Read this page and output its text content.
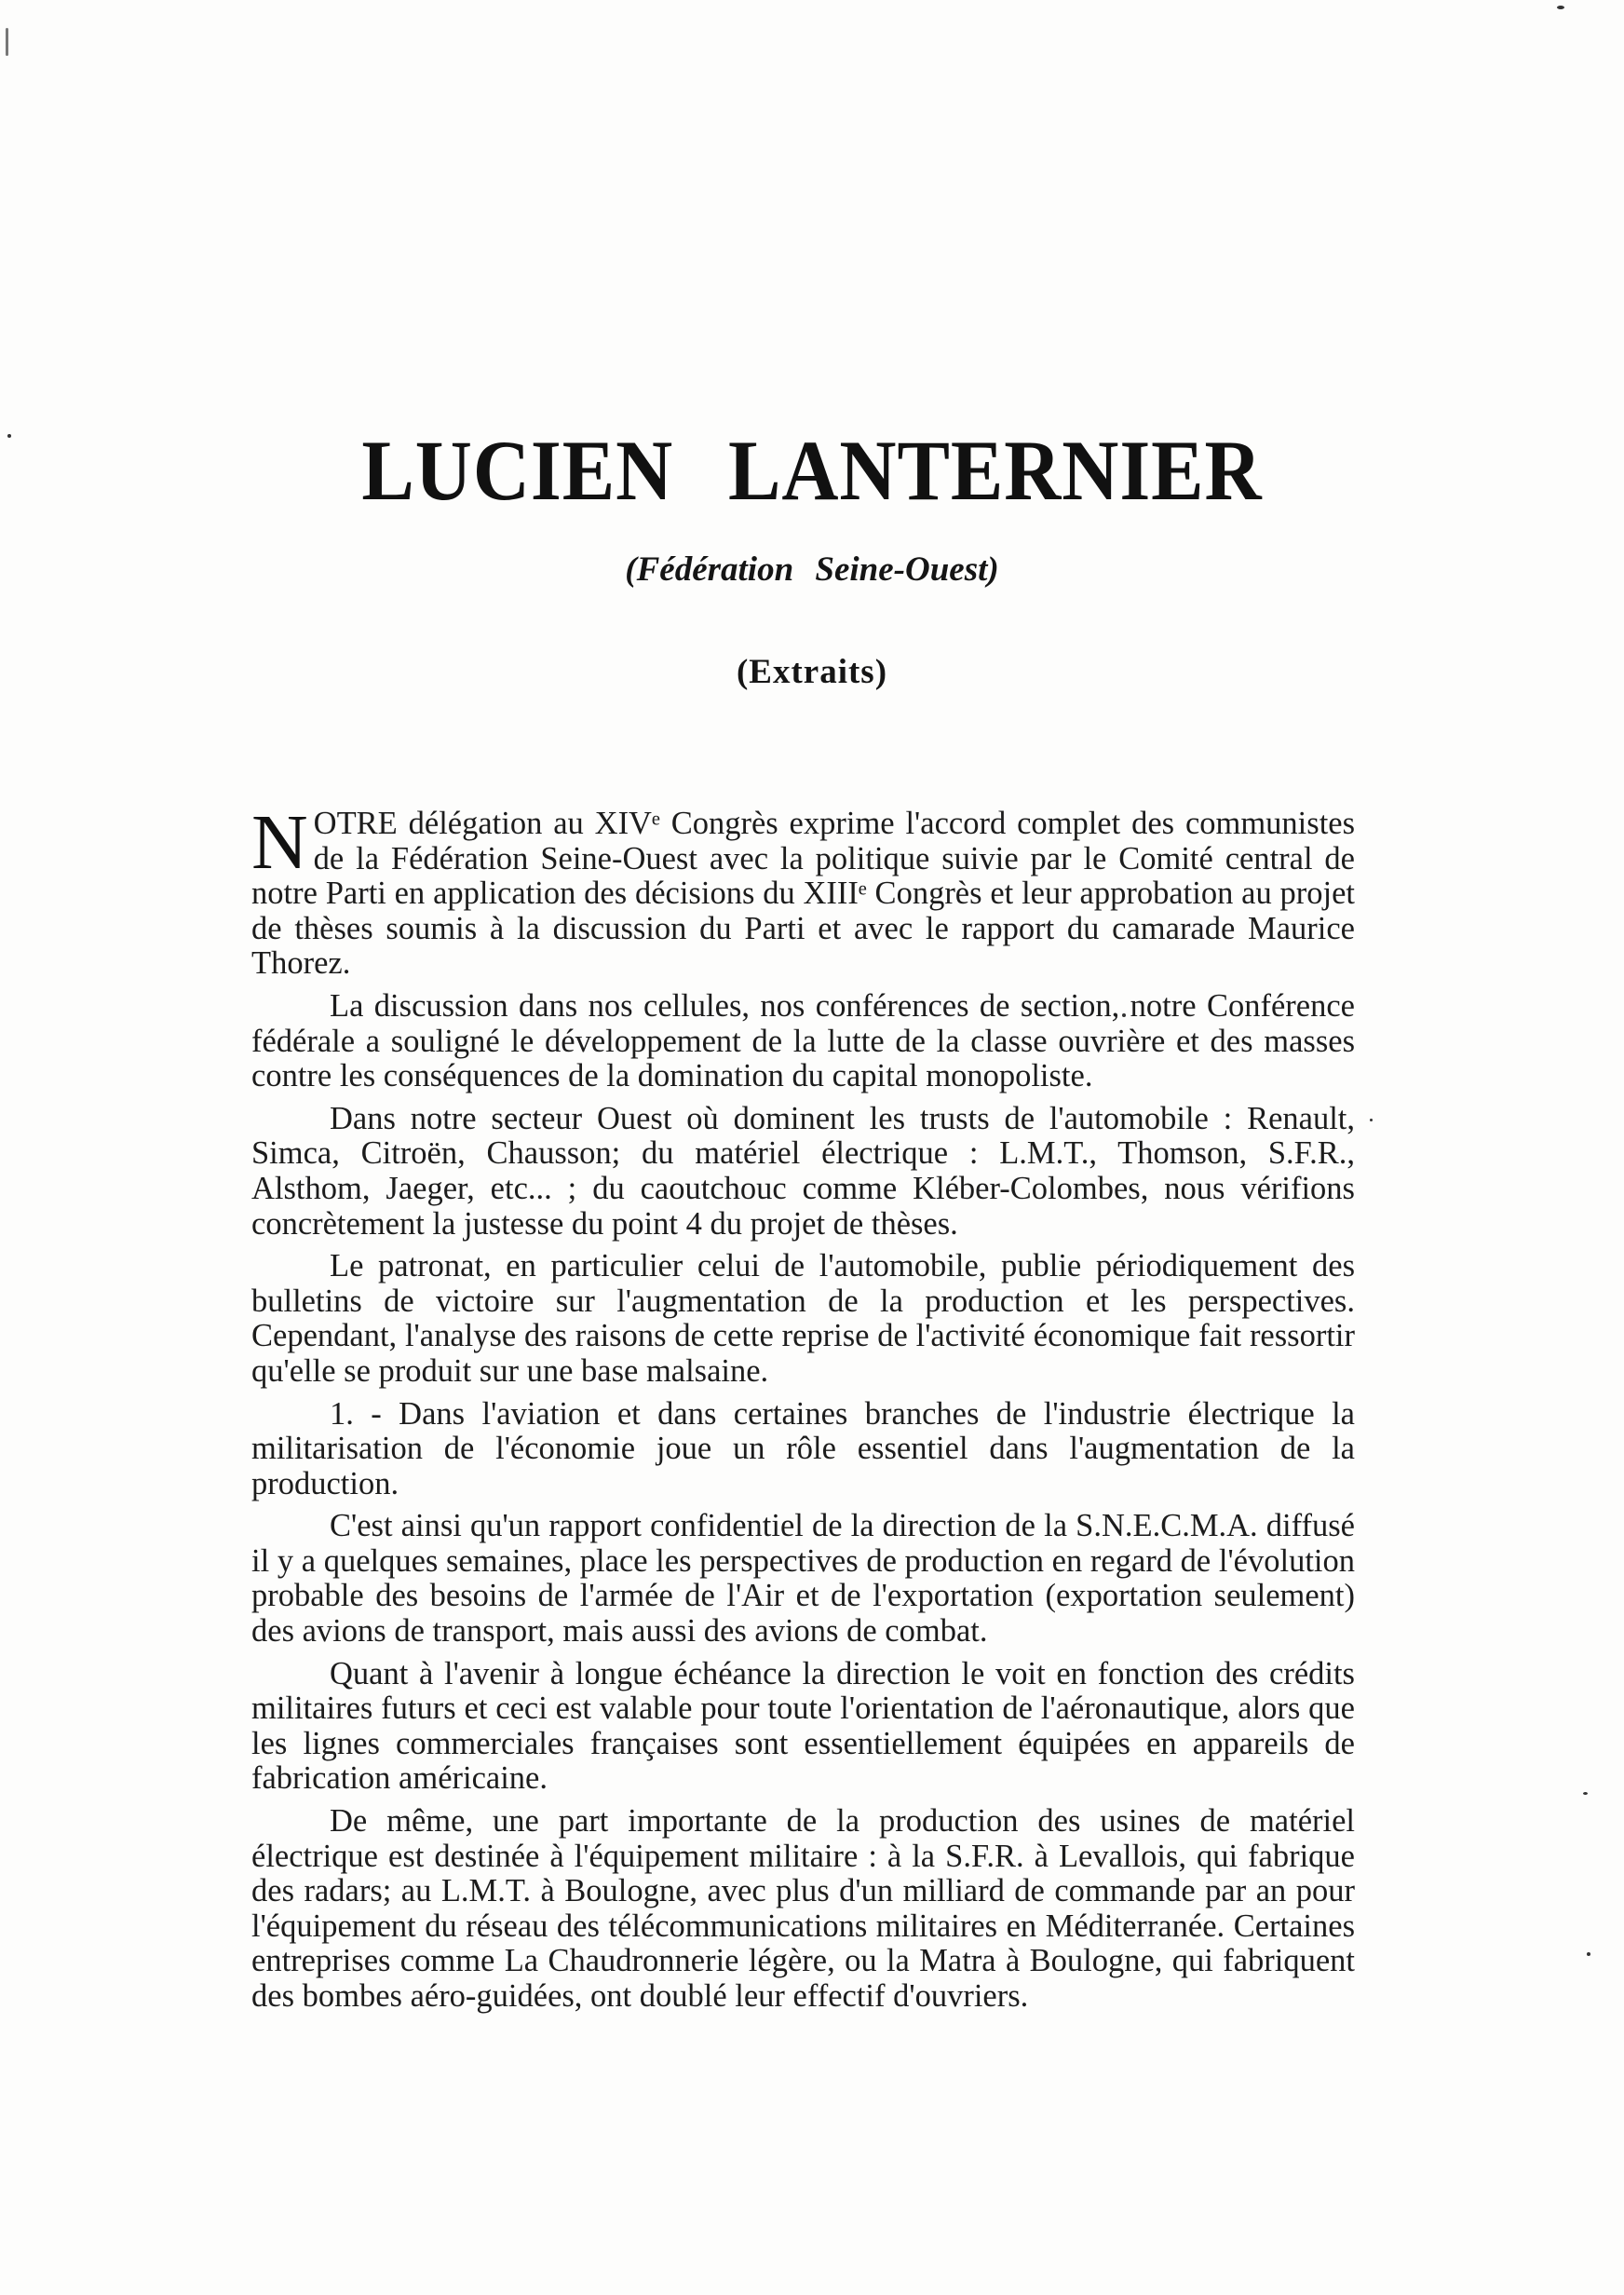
LUCIEN LANTERNIER
(Fédération Seine-Ouest)
(Extraits)

NOTRE délégation au XIVᵉ Congrès exprime l'accord complet des communistes de la Fédération Seine-Ouest avec la politique suivie par le Comité central de notre Parti en application des décisions du XIIIᵉ Congrès et leur approbation au projet de thèses soumis à la discussion du Parti et avec le rapport du camarade Maurice Thorez.

La discussion dans nos cellules, nos conférences de section, notre Conférence fédérale a souligné le développement de la lutte de la classe ouvrière et des masses contre les conséquences de la domination du capital monopoliste.

Dans notre secteur Ouest où dominent les trusts de l'automobile : Renault, Simca, Citroën, Chausson; du matériel électrique : L.M.T., Thomson, S.F.R., Alsthom, Jaeger, etc... ; du caoutchouc comme Kléber-Colombes, nous vérifions concrètement la justesse du point 4 du projet de thèses.

Le patronat, en particulier celui de l'automobile, publie périodiquement des bulletins de victoire sur l'augmentation de la production et les perspectives. Cependant, l'analyse des raisons de cette reprise de l'activité économique fait ressortir qu'elle se produit sur une base malsaine.

1. - Dans l'aviation et dans certaines branches de l'industrie électrique la militarisation de l'économie joue un rôle essentiel dans l'augmentation de la production.

C'est ainsi qu'un rapport confidentiel de la direction de la S.N.E.C.M.A. diffusé il y a quelques semaines, place les perspectives de production en regard de l'évolution probable des besoins de l'armée de l'Air et de l'exportation (exportation seulement) des avions de transport, mais aussi des avions de combat.

Quant à l'avenir à longue échéance la direction le voit en fonction des crédits militaires futurs et ceci est valable pour toute l'orientation de l'aéronautique, alors que les lignes commerciales françaises sont essentiellement équipées en appareils de fabrication américaine.

De même, une part importante de la production des usines de matériel électrique est destinée à l'équipement militaire : à la S.F.R. à Levallois, qui fabrique des radars; au L.M.T. à Boulogne, avec plus d'un milliard de commande par an pour l'équipement du réseau des télécommunications militaires en Méditerranée. Certaines entreprises comme La Chaudronnerie légère, ou la Matra à Boulogne, qui fabriquent des bombes aéro-guidées, ont doublé leur effectif d'ouvriers.
